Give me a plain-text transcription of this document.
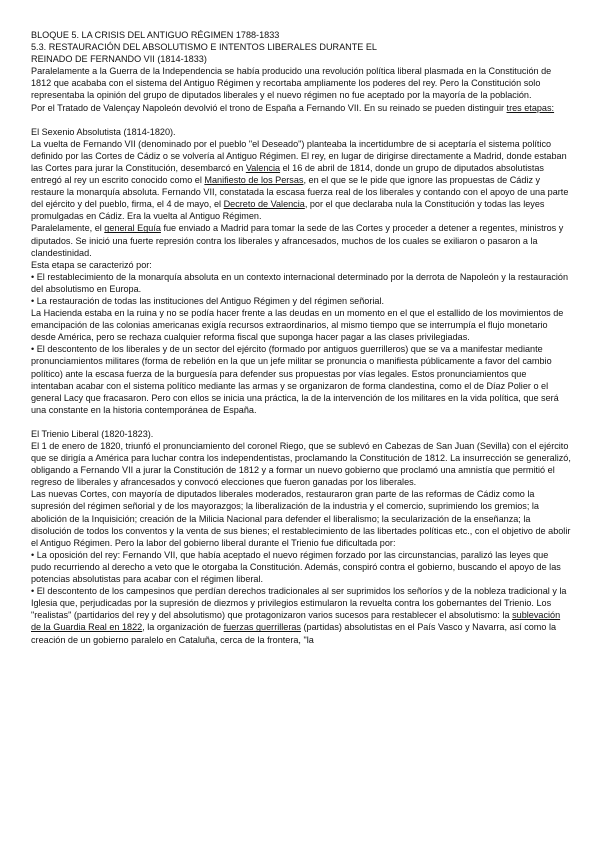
BLOQUE 5. LA CRISIS DEL ANTIGUO RÉGIMEN 1788-1833

5.3. RESTAURACIÓN DEL ABSOLUTISMO E INTENTOS LIBERALES DURANTE EL

REINADO DE FERNANDO VII (1814-1833)

Paralelamente a la Guerra de la Independencia se había producido una revolución política liberal plasmada en la Constitución de 1812 que acababa con el sistema del Antiguo Régimen y recortaba ampliamente los poderes del rey. Pero la Constitución solo representaba la opinión del grupo de diputados liberales y el nuevo régimen no fue aceptado por la mayoría de la población.

Por el Tratado de Valençay Napoleón devolvió el trono de España a Fernando VII. En su reinado se pueden distinguir tres etapas:

El Sexenio Absolutista (1814-1820).

La vuelta de Fernando VII (denominado por el pueblo "el Deseado") planteaba la incertidumbre de si aceptaría el sistema político definido por las Cortes de Cádiz o se volvería al Antiguo Régimen. El rey, en lugar de dirigirse directamente a Madrid, donde estaban las Cortes para jurar la Constitución, desembarcó en Valencia el 16 de abril de 1814, donde un grupo de diputados absolutistas entregó al rey un escrito conocido como el Manifiesto de los Persas, en el que se le pide que ignore las propuestas de Cádiz y restaure la monarquía absoluta. Fernando VII, constatada la escasa fuerza real de los liberales y contando con el apoyo de una parte del ejército y del pueblo, firma, el 4 de mayo, el Decreto de Valencia, por el que declaraba nula la Constitución y todas las leyes promulgadas en Cádiz. Era la vuelta al Antiguo Régimen.

Paralelamente, el general Eguía fue enviado a Madrid para tomar la sede de las Cortes y proceder a detener a regentes, ministros y diputados. Se inició una fuerte represión contra los liberales y afrancesados, muchos de los cuales se exiliaron o pasaron a la clandestinidad.

Esta etapa se caracterizó por:

• El restablecimiento de la monarquía absoluta en un contexto internacional determinado por la derrota de Napoleón y la restauración del absolutismo en Europa.

• La restauración de todas las instituciones del Antiguo Régimen y del régimen señorial.

La Hacienda estaba en la ruina y no se podía hacer frente a las deudas en un momento en el que el estallido de los movimientos de emancipación de las colonias americanas exigía recursos extraordinarios, al mismo tiempo que se interrumpía el flujo monetario desde América, pero se rechaza cualquier reforma fiscal que suponga hacer pagar a las clases privilegiadas.

• El descontento de los liberales y de un sector del ejército (formado por antiguos guerrilleros) que se va a manifestar mediante pronunciamientos militares (forma de rebelión en la que un jefe militar se pronuncia o manifiesta públicamente a favor del cambio político) ante la escasa fuerza de la burguesía para defender sus propuestas por vías legales. Estos pronunciamientos que intentaban acabar con el sistema político mediante las armas y se organizaron de forma clandestina, como el de Díaz Polier o el general Lacy que fracasaron. Pero con ellos se inicia una práctica, la de la intervención de los militares en la vida política, que será una constante en la historia contemporánea de España.

El Trienio Liberal (1820-1823).

El 1 de enero de 1820, triunfó el pronunciamiento del coronel Riego, que se sublevó en Cabezas de San Juan (Sevilla) con el ejército que se dirigía a América para luchar contra los independentistas, proclamando la Constitución de 1812. La insurrección se generalizó, obligando a Fernando VII a jurar la Constitución de 1812 y a formar un nuevo gobierno que proclamó una amnistía que permitió el regreso de liberales y afrancesados y convocó elecciones que fueron ganadas por los liberales.

Las nuevas Cortes, con mayoría de diputados liberales moderados, restauraron gran parte de las reformas de Cádiz como la supresión del régimen señorial y de los mayorazgos; la liberalización de la industria y el comercio, suprimiendo los gremios; la abolición de la Inquisición; creación de la Milicia Nacional para defender el liberalismo; la secularización de la enseñanza; la disolución de todos los conventos y la venta de sus bienes; el restablecimiento de las libertades políticas etc., con el objetivo de abolir el Antiguo Régimen. Pero la labor del gobierno liberal durante el Trienio fue dificultada por:

• La oposición del rey: Fernando VII, que había aceptado el nuevo régimen forzado por las circunstancias, paralizó las leyes que pudo recurriendo al derecho a veto que le otorgaba la Constitución. Además, conspiró contra el gobierno, buscando el apoyo de las potencias absolutistas para acabar con el régimen liberal.

• El descontento de los campesinos que perdían derechos tradicionales al ser suprimidos los señoríos y de la nobleza tradicional y la Iglesia que, perjudicadas por la supresión de diezmos y privilegios estimularon la revuelta contra los gobernantes del Trienio. Los "realistas" (partidarios del rey y del absolutismo) que protagonizaron varios sucesos para restablecer el absolutismo: la sublevación de la Guardia Real en 1822, la organización de fuerzas guerrilleras (partidas) absolutistas en el País Vasco y Navarra, así como la creación de un gobierno paralelo en Cataluña, cerca de la frontera, "la
